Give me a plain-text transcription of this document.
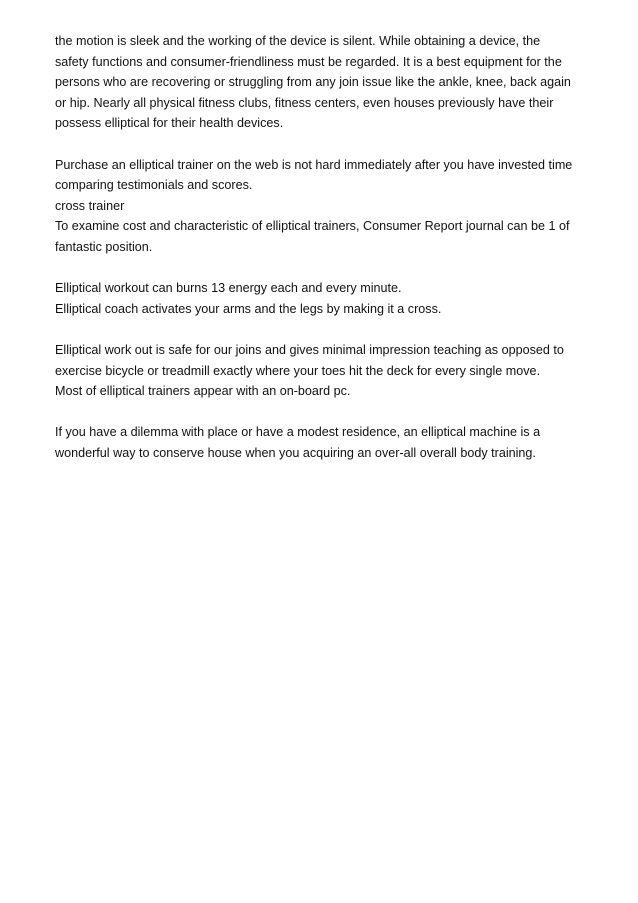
the motion is sleek and the working of the device is silent. While obtaining a device, the
safety functions and consumer-friendliness must be regarded. It is a best equipment for the
persons who are recovering or struggling from any join issue like the ankle, knee, back again
or hip. Nearly all physical fitness clubs, fitness centers, even houses previously have their
possess elliptical for their health devices.

Purchase an elliptical trainer on the web is not hard immediately after you have invested time
comparing testimonials and scores.
cross trainer
To examine cost and characteristic of elliptical trainers, Consumer Report journal can be 1 of
fantastic position.

Elliptical workout can burns 13 energy each and every minute.
Elliptical coach activates your arms and the legs by making it a cross.

Elliptical work out is safe for our joins and gives minimal impression teaching as opposed to
exercise bicycle or treadmill exactly where your toes hit the deck for every single move.
Most of elliptical trainers appear with an on-board pc.

If you have a dilemma with place or have a modest residence, an elliptical machine is a
wonderful way to conserve house when you acquiring an over-all overall body training.
